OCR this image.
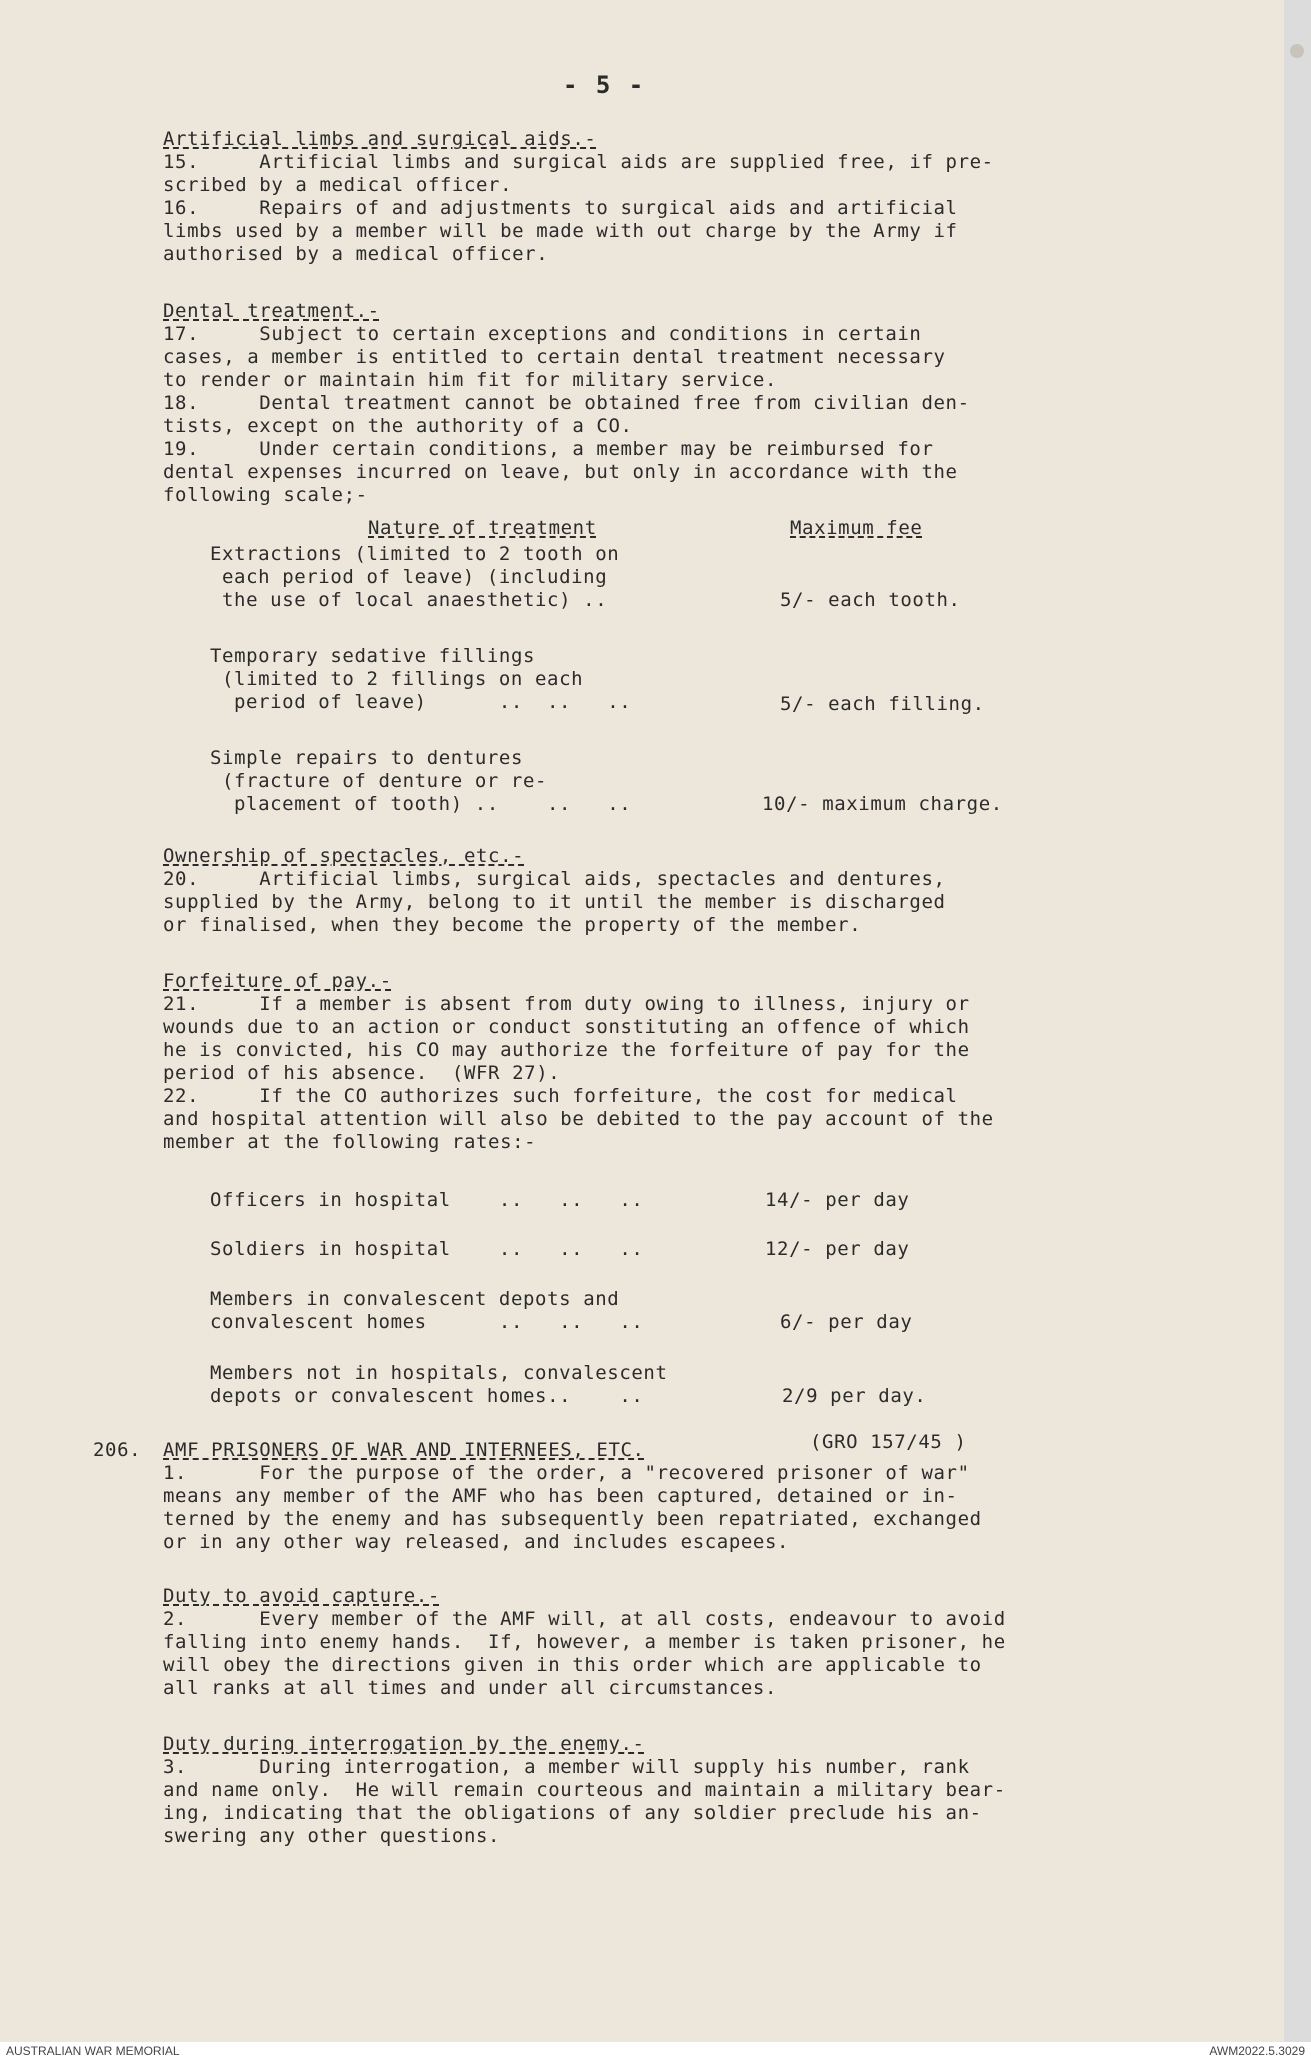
- 5 -
Artificial limbs and surgical aids.-
15.     Artificial limbs and surgical aids are supplied free, if pre-
scribed by a medical officer.
16.     Repairs of and adjustments to surgical aids and artificial
limbs used by a member will be made with out charge by the Army if
authorised by a medical officer.
Dental treatment.-
17.     Subject to certain exceptions and conditions in certain
cases, a member is entitled to certain dental treatment necessary
to render or maintain him fit for military service.
18.     Dental treatment cannot be obtained free from civilian den-
tists, except on the authority of a CO.
19.     Under certain conditions, a member may be reimbursed for
dental expenses incurred on leave, but only in accordance with the
following scale;-
Nature of treatment	Maximum fee
Extractions (limited to 2 tooth on
each period of leave) (including
the use of local anaesthetic) ..	5/- each tooth.
Temporary sedative fillings
(limited to 2 fillings on each
period of leave)      ..  ..   ..	5/- each filling.
Simple repairs to dentures
(fracture of denture or re-
placement of tooth) ..    ..   ..	10/- maximum charge.
Ownership of spectacles, etc.-
20.     Artificial limbs, surgical aids, spectacles and dentures,
supplied by the Army, belong to it until the member is discharged
or finalised, when they become the property of the member.
Forfeiture of pay.-
21.     If a member is absent from duty owing to illness, injury or
wounds due to an action or conduct sonstituting an offence of which
he is convicted, his CO may authorize the forfeiture of pay for the
period of his absence.  (WFR 27).
22.     If the CO authorizes such forfeiture, the cost for medical
and hospital attention will also be debited to the pay account of the
member at the following rates:-
Officers in hospital    ..   ..   ..	14/- per day
Soldiers in hospital    ..   ..   ..	12/- per day
Members in convalescent depots and
convalescent homes      ..   ..   ..	6/- per day
Members not in hospitals, convalescent
depots or convalescent homes..    ..	2/9 per day.
206. AMF PRISONERS OF WAR AND INTERNEES, ETC.	(GRO 157/45 )
1.      For the purpose of the order, a "recovered prisoner of war"
means any member of the AMF who has been captured, detained or in-
terned by the enemy and has subsequently been repatriated, exchanged
or in any other way released, and includes escapees.
Duty to avoid capture.-
2.      Every member of the AMF will, at all costs, endeavour to avoid
falling into enemy hands.  If, however, a member is taken prisoner, he
will obey the directions given in this order which are applicable to
all ranks at all times and under all circumstances.
Duty during interrogation by the enemy.-
3.      During interrogation, a member will supply his number, rank
and name only.  He will remain courteous and maintain a military bear-
ing, indicating that the obligations of any soldier preclude his an-
swering any other questions.
AUSTRALIAN WAR MEMORIAL	AWM2022.5.3029
